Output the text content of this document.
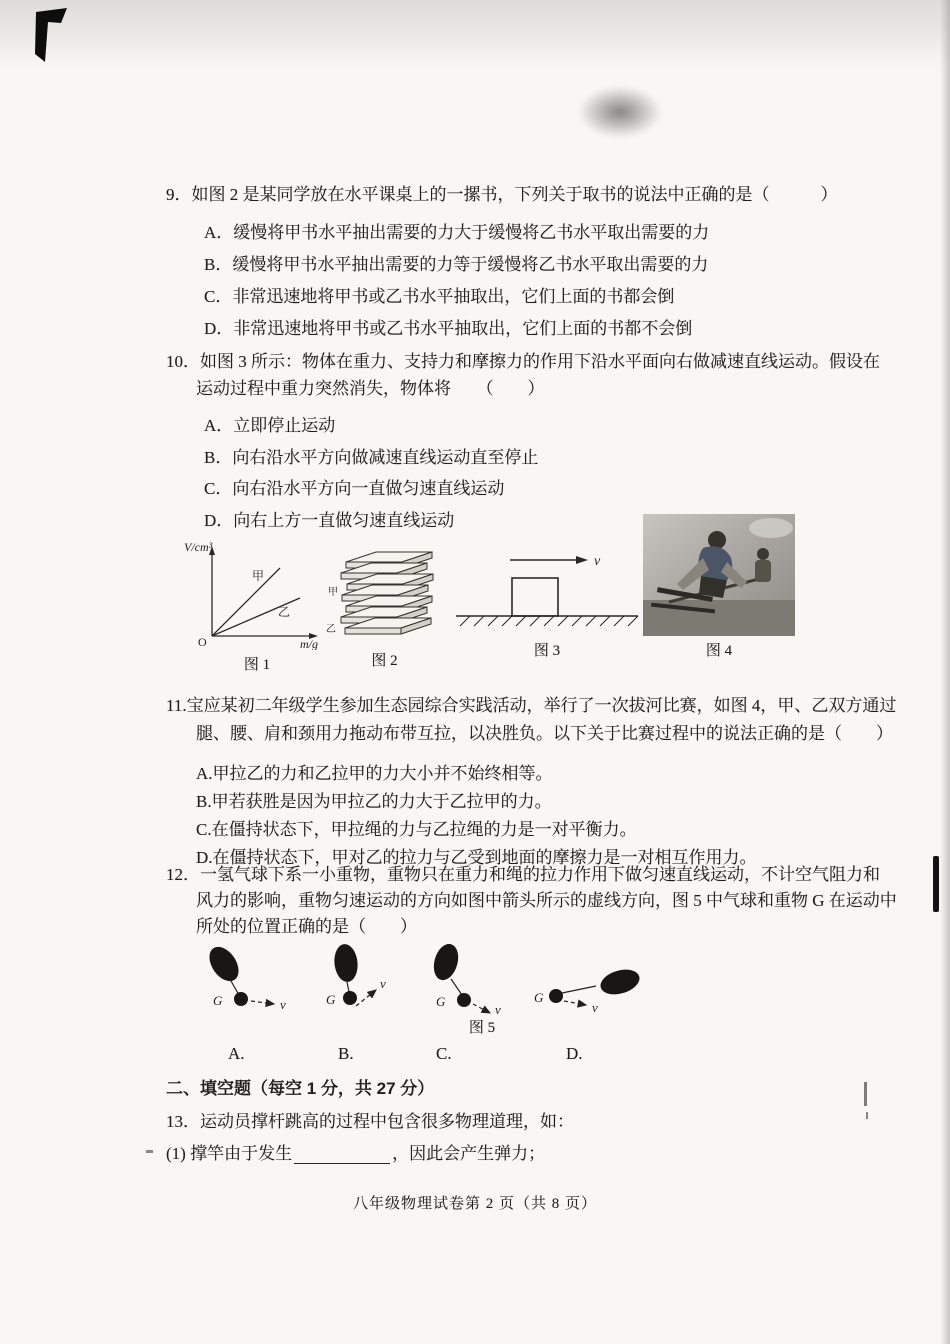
9．如图 2 是某同学放在水平课桌上的一摞书，下列关于取书的说法中正确的是（　　　）
A．缓慢将甲书水平抽出需要的力大于缓慢将乙书水平取出需要的力
B．缓慢将甲书水平抽出需要的力等于缓慢将乙书水平取出需要的力
C．非常迅速地将甲书或乙书水平抽取出，它们上面的书都会倒
D．非常迅速地将甲书或乙书水平抽取出，它们上面的书都不会倒
10．如图 3 所示：物体在重力、支持力和摩擦力的作用下沿水平面向右做减速直线运动。假设在
运动过程中重力突然消失，物体将　　（　　）
A．立即停止运动
B．向右沿水平方向做减速直线运动直至停止
C．向右沿水平方向一直做匀速直线运动
D．向右上方一直做匀速直线运动
V/cm³
甲
乙
O	m/g
图 1
甲
乙
图 2
v
图 3	图 4
11.宝应某初二年级学生参加生态园综合实践活动，举行了一次拔河比赛，如图 4，甲、乙双方通过
腿、腰、肩和颈用力拖动布带互拉，以决胜负。以下关于比赛过程中的说法正确的是（　　）
A.甲拉乙的力和乙拉甲的力大小并不始终相等。
B.甲若获胜是因为甲拉乙的力大于乙拉甲的力。
C.在僵持状态下，甲拉绳的力与乙拉绳的力是一对平衡力。
D.在僵持状态下，甲对乙的拉力与乙受到地面的摩擦力是一对相互作用力。
12．一氢气球下系一小重物，重物只在重力和绳的拉力作用下做匀速直线运动，不计空气阻力和
风力的影响，重物匀速运动的方向如图中箭头所示的虚线方向，图 5 中气球和重物 G 在运动中
所处的位置正确的是（　　）
G	v	G
v
G
v
G
v
图 5
A.	B.	C.	D.
二、填空题（每空 1 分，共 27 分）
13．运动员撑杆跳高的过程中包含很多物理道理，如：
(1) 撑竿由于发生	，因此会产生弹力；
八年级物理试卷第 2 页（共 8 页）
